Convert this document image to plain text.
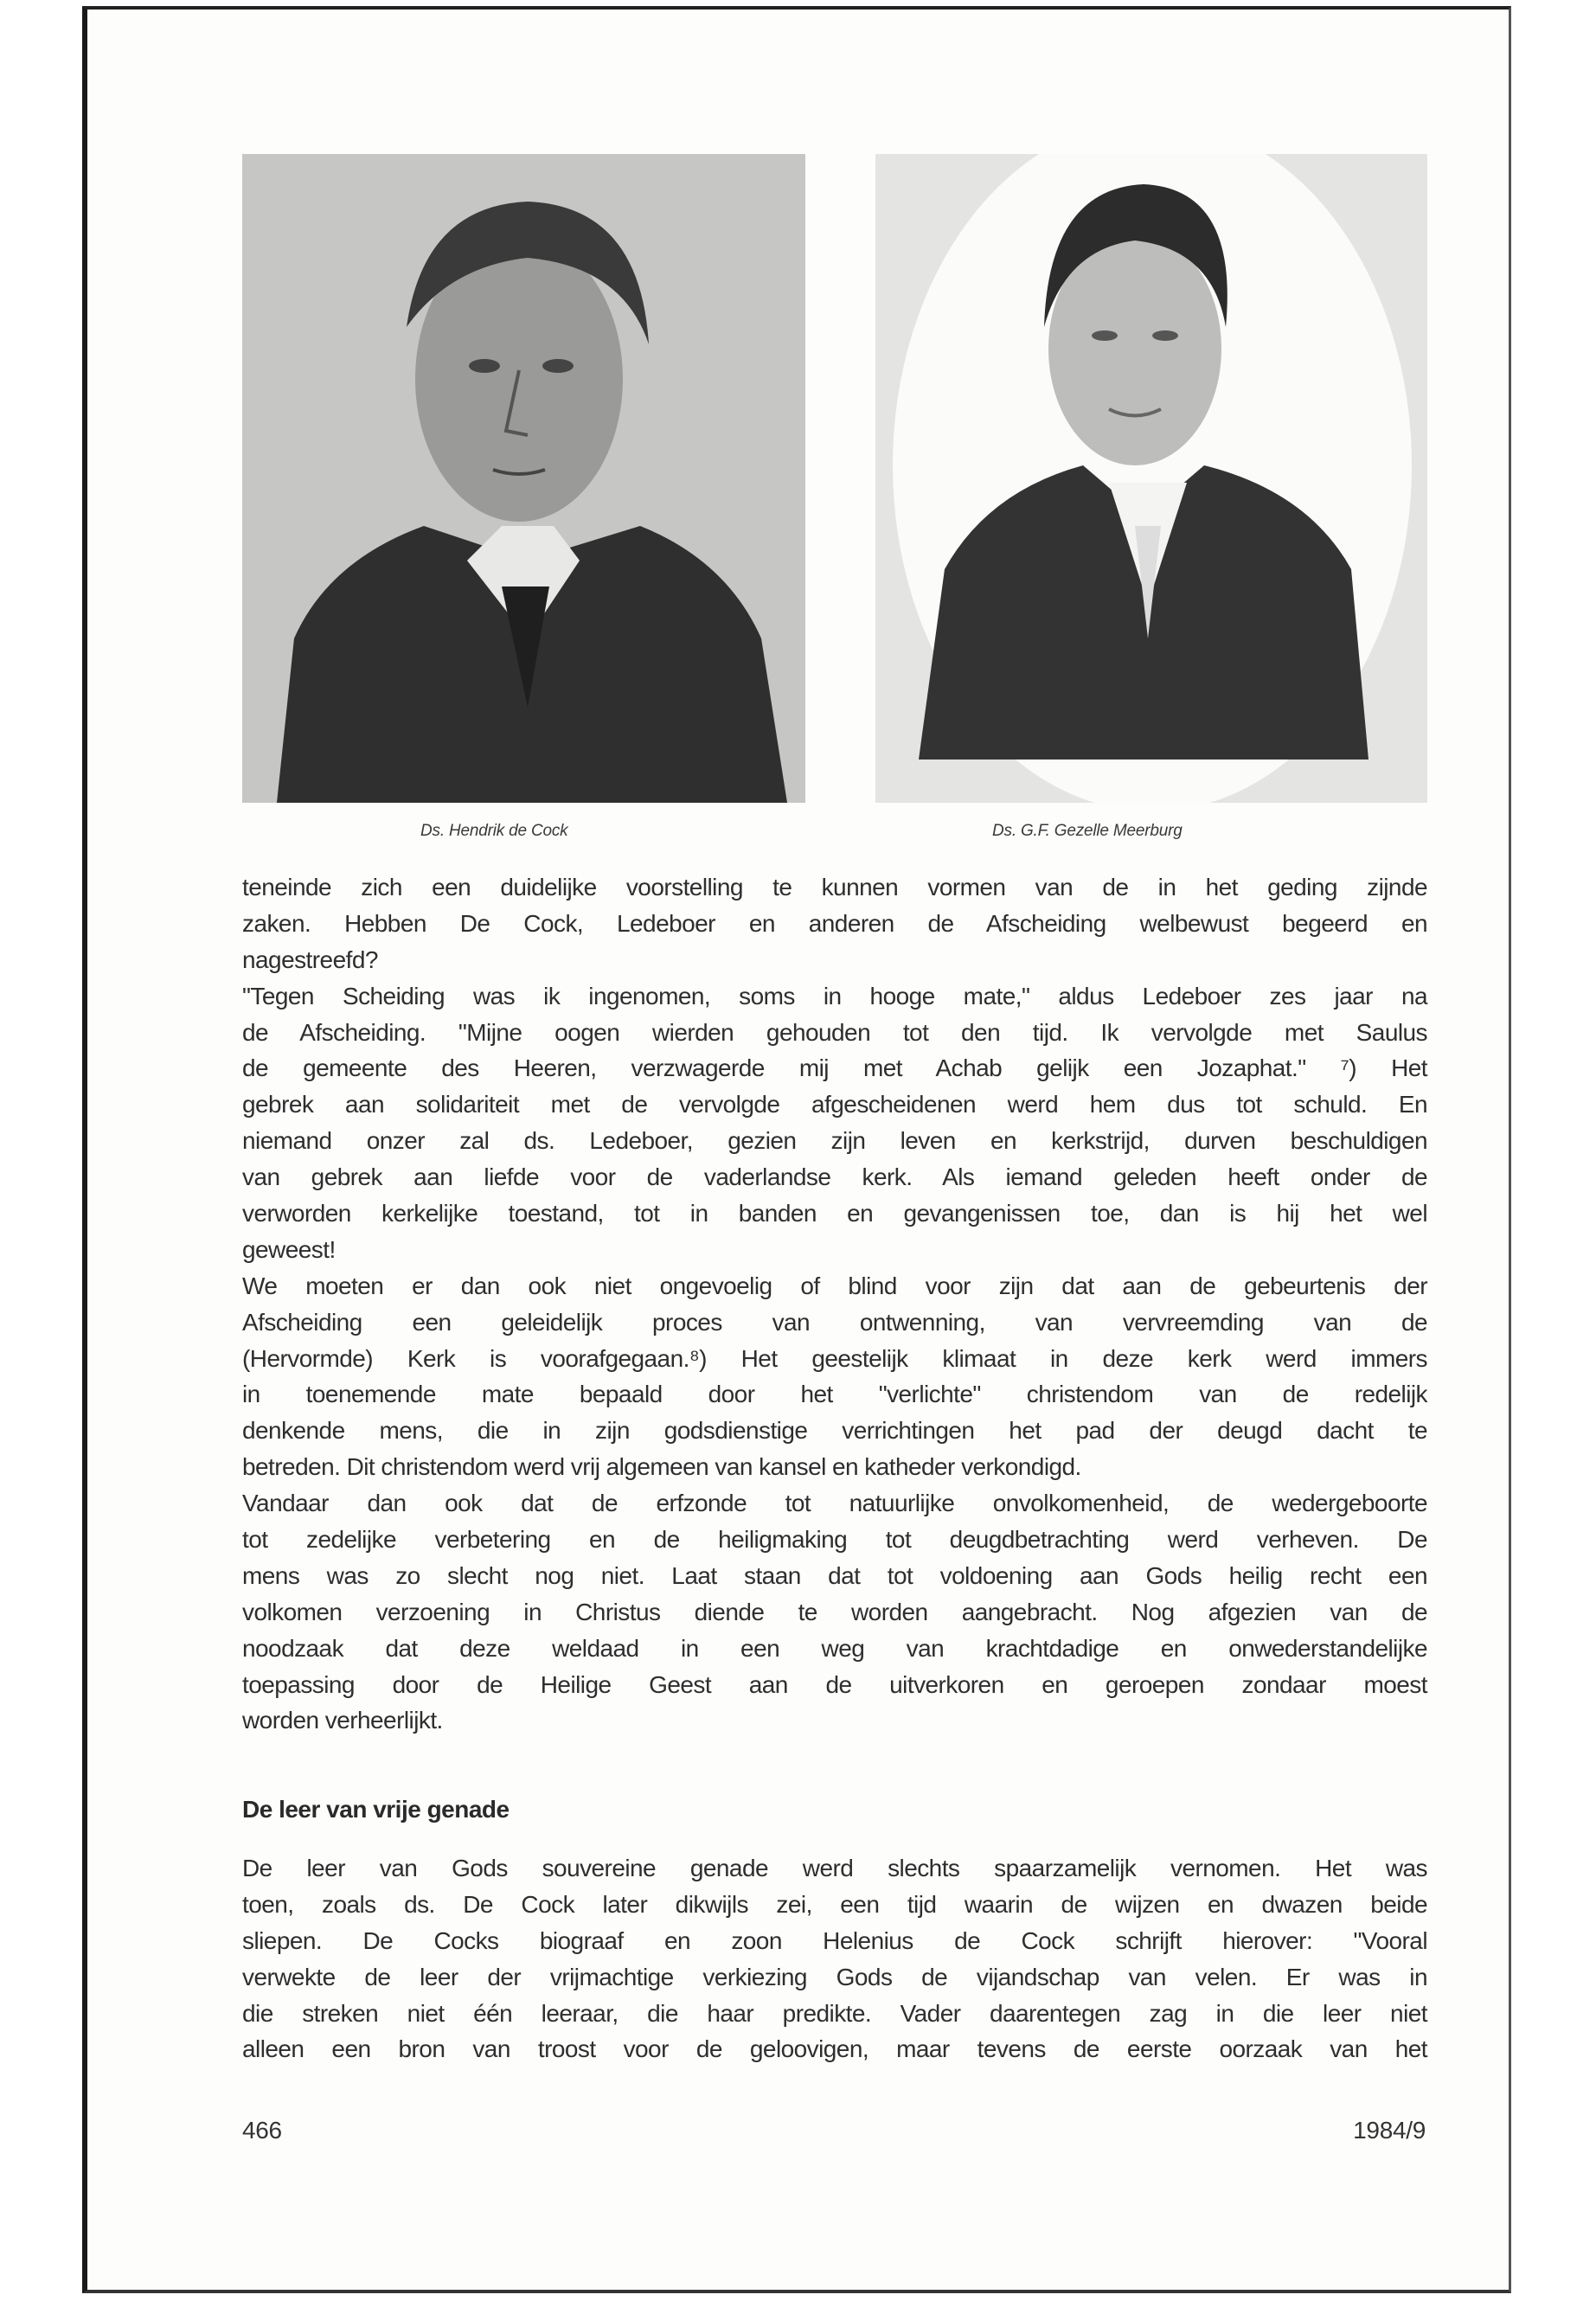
Ds. Hendrik de Cock	Ds. G.F. Gezelle Meerburg
teneinde zich een duidelijke voorstelling te kunnen vormen van de in het geding zijnde
zaken. Hebben De Cock, Ledeboer en anderen de Afscheiding welbewust begeerd en
nagestreefd?
"Tegen Scheiding was ik ingenomen, soms in hooge mate," aldus Ledeboer zes jaar na
de Afscheiding. "Mijne oogen wierden gehouden tot den tijd. Ik vervolgde met Saulus
de gemeente des Heeren, verzwagerde mij met Achab gelijk een Jozaphat." ⁷) Het
gebrek aan solidariteit met de vervolgde afgescheidenen werd hem dus tot schuld. En
niemand onzer zal ds. Ledeboer, gezien zijn leven en kerkstrijd, durven beschuldigen
van gebrek aan liefde voor de vaderlandse kerk. Als iemand geleden heeft onder de
verworden kerkelijke toestand, tot in banden en gevangenissen toe, dan is hij het wel
geweest!
We moeten er dan ook niet ongevoelig of blind voor zijn dat aan de gebeurtenis der
Afscheiding een geleidelijk proces van ontwenning, van vervreemding van de
(Hervormde) Kerk is voorafgegaan.⁸) Het geestelijk klimaat in deze kerk werd immers
in toenemende mate bepaald door het "verlichte" christendom van de redelijk
denkende mens, die in zijn godsdienstige verrichtingen het pad der deugd dacht te
betreden. Dit christendom werd vrij algemeen van kansel en katheder verkondigd.
Vandaar dan ook dat de erfzonde tot natuurlijke onvolkomenheid, de wedergeboorte
tot zedelijke verbetering en de heiligmaking tot deugdbetrachting werd verheven. De
mens was zo slecht nog niet. Laat staan dat tot voldoening aan Gods heilig recht een
volkomen verzoening in Christus diende te worden aangebracht. Nog afgezien van de
noodzaak dat deze weldaad in een weg van krachtdadige en onwederstandelijke
toepassing door de Heilige Geest aan de uitverkoren en geroepen zondaar moest
worden verheerlijkt.
De leer van vrije genade
De leer van Gods souvereine genade werd slechts spaarzamelijk vernomen. Het was
toen, zoals ds. De Cock later dikwijls zei, een tijd waarin de wijzen en dwazen beide
sliepen. De Cocks biograaf en zoon Helenius de Cock schrijft hierover: "Vooral
verwekte de leer der vrijmachtige verkiezing Gods de vijandschap van velen. Er was in
die streken niet één leeraar, die haar predikte. Vader daarentegen zag in die leer niet
alleen een bron van troost voor de geloovigen, maar tevens de eerste oorzaak van het
466	1984/9
